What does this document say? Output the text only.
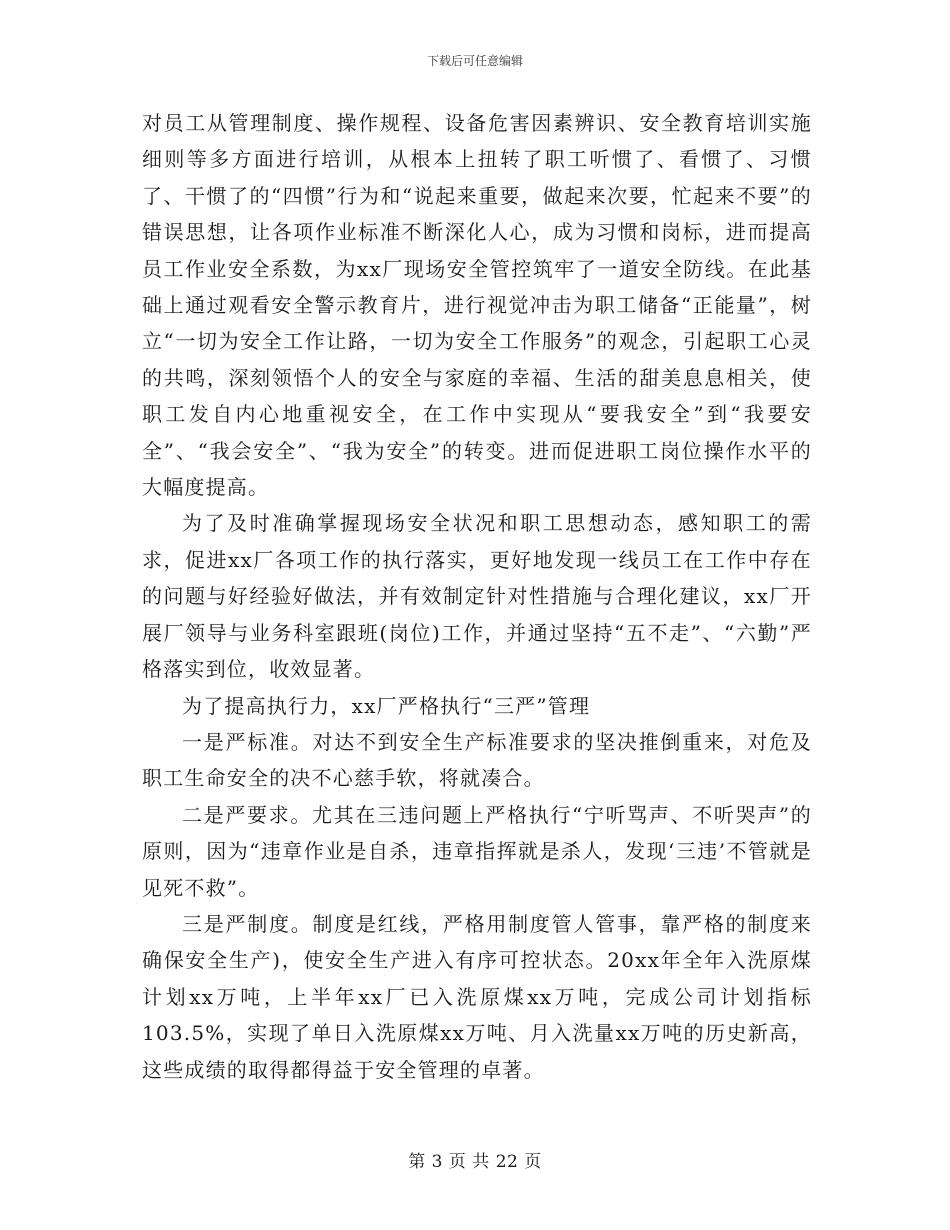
下载后可任意编辑

对员工从管理制度、操作规程、设备危害因素辨识、安全教育培训实施细则等多方面进行培训，从根本上扭转了职工听惯了、看惯了、习惯了、干惯了的“四惯”行为和“说起来重要，做起来次要，忙起来不要”的错误思想，让各项作业标准不断深化人心，成为习惯和岗标，进而提高员工作业安全系数，为xx厂现场安全管控筑牢了一道安全防线。在此基础上通过观看安全警示教育片，进行视觉冲击为职工储备“正能量”，树立“一切为安全工作让路，一切为安全工作服务”的观念，引起职工心灵的共鸣，深刻领悟个人的安全与家庭的幸福、生活的甜美息息相关，使职工发自内心地重视安全，在工作中实现从“要我安全”到“我要安全”、“我会安全”、“我为安全”的转变。进而促进职工岗位操作水平的大幅度提高。

为了及时准确掌握现场安全状况和职工思想动态，感知职工的需求，促进xx厂各项工作的执行落实，更好地发现一线员工在工作中存在的问题与好经验好做法，并有效制定针对性措施与合理化建议，xx厂开展厂领导与业务科室跟班(岗位)工作，并通过坚持“五不走”、“六勤”严格落实到位，收效显著。

为了提高执行力，xx厂严格执行“三严”管理

一是严标准。对达不到安全生产标准要求的坚决推倒重来，对危及职工生命安全的决不心慈手软，将就凑合。

二是严要求。尤其在三违问题上严格执行“宁听骂声、不听哭声”的原则，因为“违章作业是自杀，违章指挥就是杀人，发现‘三违’不管就是见死不救”。

三是严制度。制度是红线，严格用制度管人管事，靠严格的制度来确保安全生产)，使安全生产进入有序可控状态。20xx年全年入洗原煤计划xx万吨，上半年xx厂已入洗原煤xx万吨，完成公司计划指标103.5%，实现了单日入洗原煤xx万吨、月入洗量xx万吨的历史新高，这些成绩的取得都得益于安全管理的卓著。

第 3 页 共 22 页
